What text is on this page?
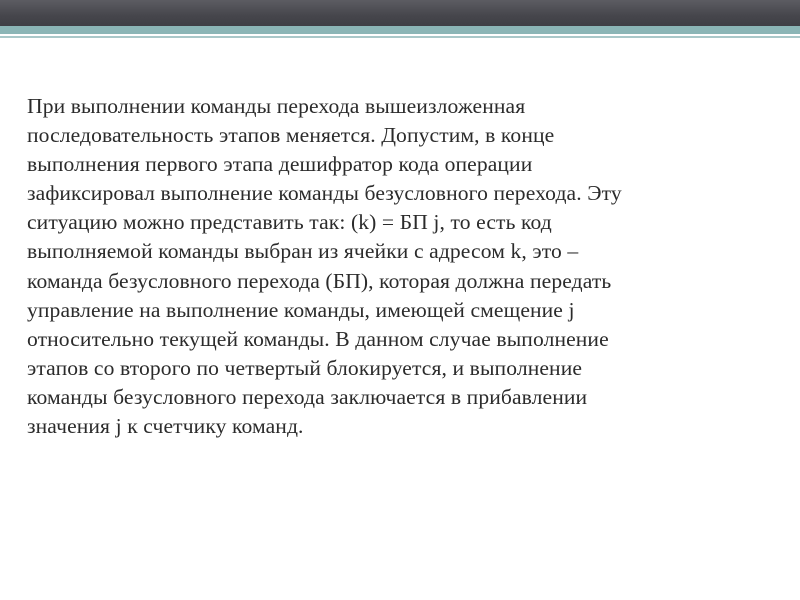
При выполнении команды перехода вышеизложенная
последовательность этапов меняется. Допустим, в конце
выполнения первого этапа дешифратор кода операции
зафиксировал выполнение команды безусловного перехода. Эту
ситуацию можно представить так: (k) = БП j, то есть код
выполняемой команды выбран из ячейки с адресом k, это –
команда безусловного перехода (БП), которая должна передать
управление на выполнение команды, имеющей смещение j
относительно текущей команды. В данном случае выполнение
этапов со второго по четвертый блокируется, и выполнение
команды безусловного перехода заключается в прибавлении
значения j к счетчику команд.
